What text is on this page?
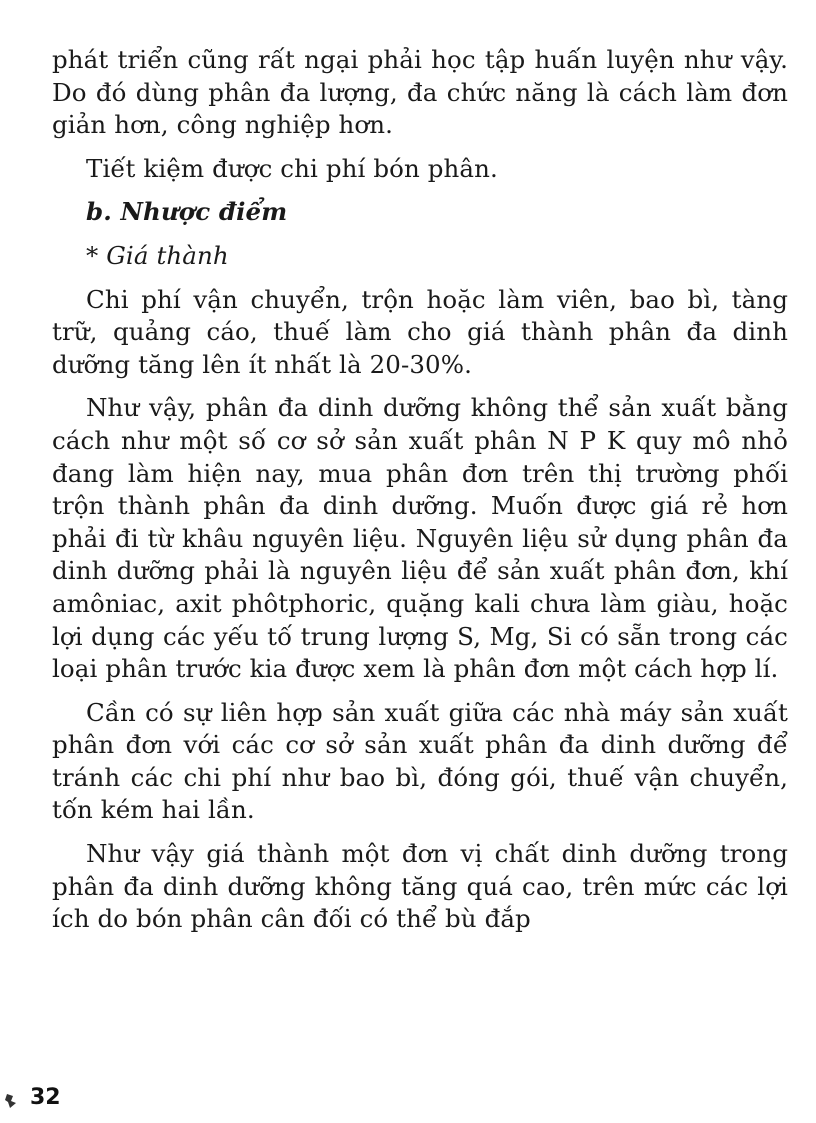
phát triển cũng rất ngại phải học tập huấn luyện như vậy. Do đó dùng phân đa lượng, đa chức năng là cách làm đơn giản hơn, công nghiệp hơn.

Tiết kiệm được chi phí bón phân.

b. Nhược điểm

* Giá thành

Chi phí vận chuyển, trộn hoặc làm viên, bao bì, tàng trữ, quảng cáo, thuế làm cho giá thành phân đa dinh dưỡng tăng lên ít nhất là 20-30%.

Như vậy, phân đa dinh dưỡng không thể sản xuất bằng cách như một số cơ sở sản xuất phân N P K quy mô nhỏ đang làm hiện nay, mua phân đơn trên thị trường phối trộn thành phân đa dinh dưỡng. Muốn được giá rẻ hơn phải đi từ khâu nguyên liệu. Nguyên liệu sử dụng phân đa dinh dưỡng phải là nguyên liệu để sản xuất phân đơn, khí amôniac, axit phôtphoric, quặng kali chưa làm giàu, hoặc lợi dụng các yếu tố trung lượng S, Mg, Si có sẵn trong các loại phân trước kia được xem là phân đơn một cách hợp lí.

Cần có sự liên hợp sản xuất giữa các nhà máy sản xuất phân đơn với các cơ sở sản xuất phân đa dinh dưỡng để tránh các chi phí như bao bì, đóng gói, thuế vận chuyển, tốn kém hai lần.

Như vậy giá thành một đơn vị chất dinh dưỡng trong phân đa dinh dưỡng không tăng quá cao, trên mức các lợi ích do bón phân cân đối có thể bù đắp

32
